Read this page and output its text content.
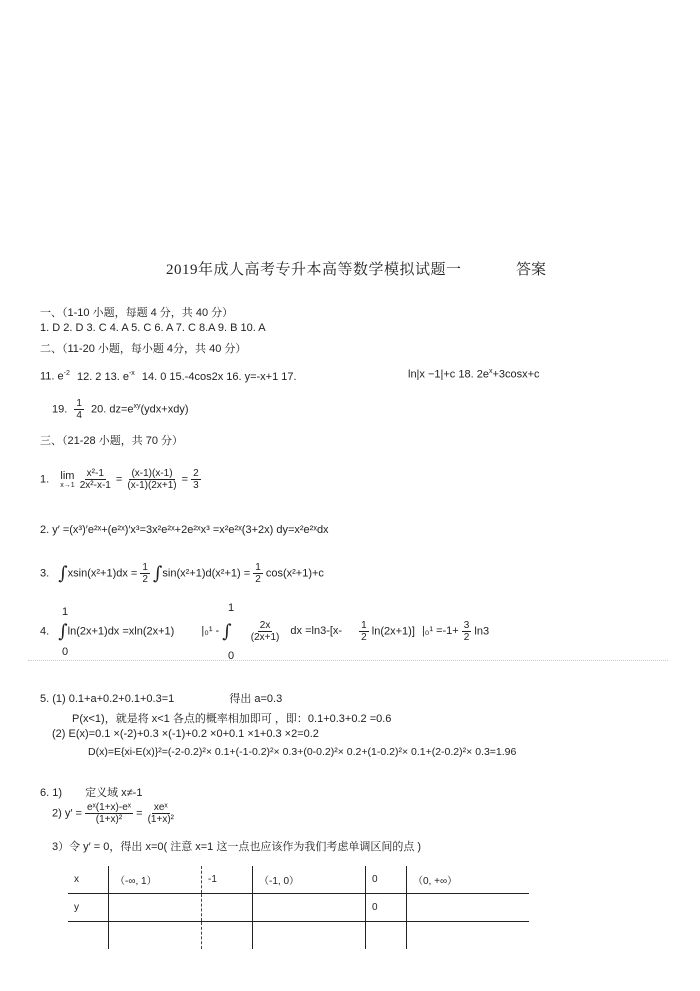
2019年成人高考专升本高等数学模拟试题一	答案
一、（1-10 小题，每题 4 分，共 40 分）
1. D 2. D 3. C 4. A 5. C 6. A 7. C 8.A 9. B 10. A
二、（11-20 小题，每小题 4分，共 40 分）
11. $e^{-2}$ 12. 2 13. $e^{-x}$ 14. 0 15.-4cos2x 16. y=-x+1 17.	ln|x −1|+c 18. $2e^x+3\cos x+c$
19. $\frac{1}{4} 20$. $dz=e^{xy}(ydx+xdy)$
三、（21-28 小题，共 70 分）
1. lim
x→1
$\frac{\text{x²-1}}{\text{2x²-x-1}} = \frac{(x-1)(x-1)}{(x-1)(2x+1)} = \frac{2}{3}$
2. y′ =(x³)′e²ˣ+(e²ˣ)′x³=3x²e²ˣ+2e²ˣx³ =x²e²ˣ(3+2x) dy=x²e²ˣdx
3. $\int xsin(x^2+1)dx = \frac{1}{2} \int\sin(x^2+1)d(x^2+1) = \frac{1}{2} \cos(x^2+1)+c$
1
0
1
0
4. ∫ln(2x+1)dx =xln(2x+1) |₀¹ - ∫ $\frac{2x}{(2x+1)}$ dx $=\ln 3-[x- \frac{1}{2} \ln(2x+1)]$ $|_0^1 =-1+ \frac{3}{2} \ln 3$
5. (1) 0.1+a+0.2+0.1+0.3=1	得出 a=0.3
P(x<1)，就是将 x<1 各点的概率相加即可 ，即：0.1+0.3+0.2 =0.6
(2) E(x)=0.1 ×(-2)+0.3 ×(-1)+0.2 ×0+0.1 ×1+0.3 ×2=0.2
D(x)=E{xi-E(x)}²=(-2-0.2)²× 0.1+(-1-0.2)²× 0.3+(0-0.2)²× 0.2+(1-0.2)²× 0.1+(2-0.2)²× 0.3=1.96
6. 1) 定义域 x≠-1
2) $y' = \frac{\text{eˣ(1+x)-eˣ}}{\text{(1+x)²}} = \frac{\text{xeˣ}}{\text{(1+x)²}}$
3）令 y′ = 0，得出 x=0( 注意 x=1 这一点也应该作为我们考虑单调区间的点 )
x	（-∞, 1）	-1	（-1, 0）	0	（0, +∞）
y				0	
